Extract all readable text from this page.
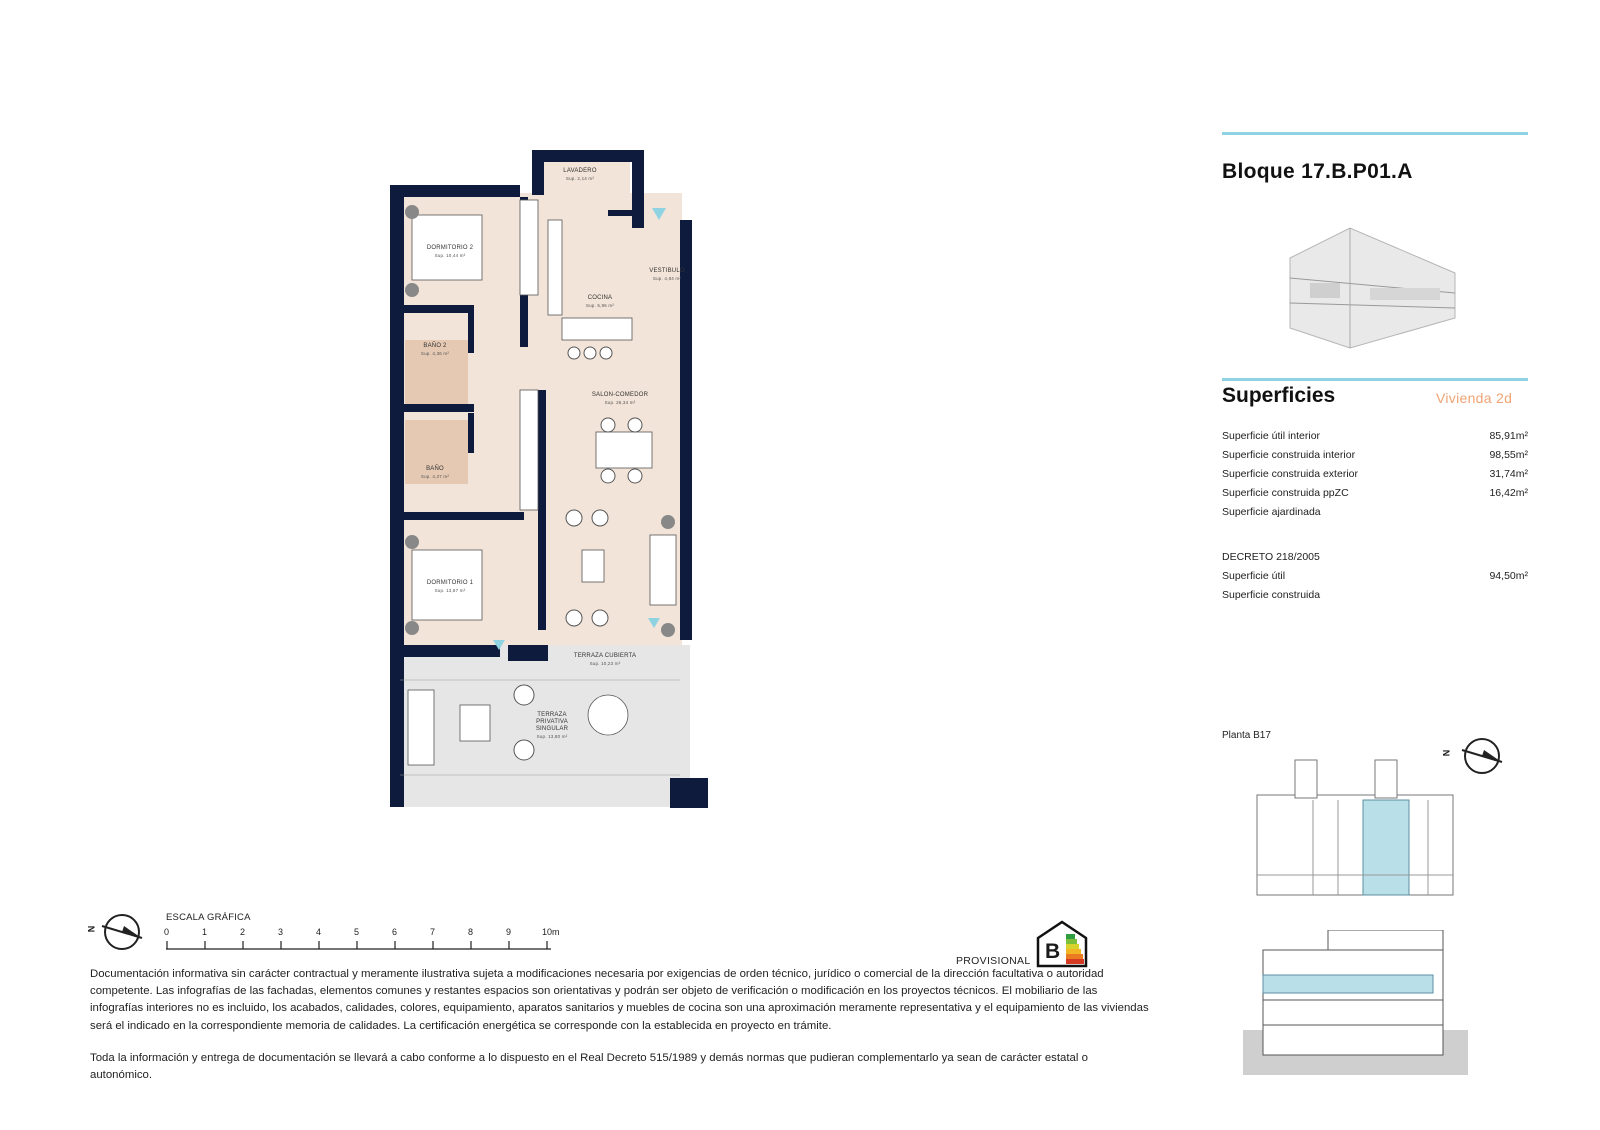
LAVADERO
Sup. 2,14 m²
DORMITORIO 2
Sup. 10,44 m²
VESTIBULO
Sup. 4,84 m²
COCINA
Sup. 5,96 m²
BAÑO 2
Sup. 4,36 m²
SALON-COMEDOR
Sup. 26,34 m²
BAÑO
Sup. 4,27 m²
DORMITORIO 1
Sup. 13,87 m²
TERRAZA CUBIERTA
Sup. 10,23 m²
TERRAZA PRIVATIVA SINGULAR
Sup. 13,80 m²
Bloque 17.B.P01.A
Superficies	Vivienda 2d
Superficie útil interior	85,91m²
Superficie construida interior	98,55m²
Superficie construida exterior	31,74m²
Superficie construida ppZC	16,42m²
Superficie ajardinada
DECRETO 218/2005
Superficie útil	94,50m²
Superficie construida
Planta B17
N
N
ESCALA GRÁFICA
0	1	2	3	4	5	6	7	8	9	10m
PROVISIONAL B

Documentación informativa sin carácter contractual y meramente ilustrativa sujeta a modificaciones necesaria por exigencias de orden técnico, jurídico o comercial de la dirección facultativa o autoridad competente. Las infografías de las fachadas, elementos comunes y restantes espacios son orientativas y podrán ser objeto de verificación o modificación en los proyectos técnicos. El mobiliario de las infografías interiores no es incluido, los acabados, calidades, colores, equipamiento, aparatos sanitarios y muebles de cocina son una aproximación meramente representativa y el equipamiento de las viviendas será el indicado en la correspondiente memoria de calidades. La certificación energética se corresponde con la establecida en proyecto en trámite.

Toda la información y entrega de documentación se llevará a cabo conforme a lo dispuesto en el Real Decreto 515/1989 y demás normas que pudieran complementarlo ya sean de carácter estatal o autonómico.
